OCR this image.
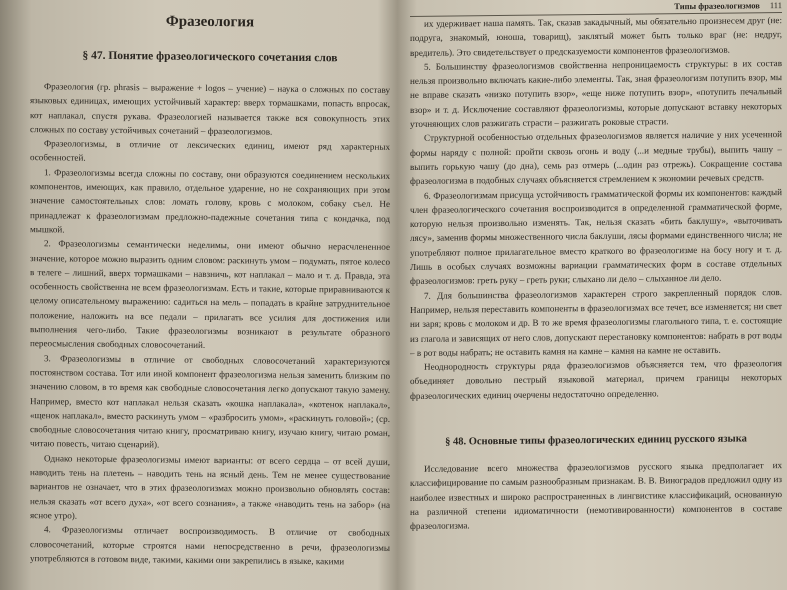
Фразеология
§ 47. Понятие фразеологического сочетания слов

Фразеология (гр. phrasis – выражение + logos – учение) – наука о сложных по составу языковых единицах, имеющих устойчивый характер: вверх тормашками, попасть впросак, кот наплакал, спустя рукава. Фразеологией называется также вся совокупность этих сложных по составу устойчивых сочетаний – фразеологизмов.

Фразеологизмы, в отличие от лексических единиц, имеют ряд характерных особенностей.

1. Фразеологизмы всегда сложны по составу, они образуются соединением нескольких компонентов, имеющих, как правило, отдельное ударение, но не сохраняющих при этом значение самостоятельных слов: ломать голову, кровь с молоком, собаку съел. Не принадлежат к фразеологизмам предложно-падежные сочетания типа с кондачка, под мышкой.

2. Фразеологизмы семантически неделимы, они имеют обычно нерасчлененное значение, которое можно выразить одним словом: раскинуть умом – подумать, пятое колесо в телеге – лишний, вверх тормашками – навзничь, кот наплакал – мало и т. д. Правда, эта особенность свойственна не всем фразеологизмам. Есть и такие, которые приравниваются к целому описательному выражению: садиться на мель – попадать в крайне затруднительное положение, наложить на все педали – прилагать все усилия для достижения или выполнения чего-либо. Такие фразеологизмы возникают в результате образного переосмысления свободных словосочетаний.

3. Фразеологизмы в отличие от свободных словосочетаний характеризуются постоянством состава. Тот или иной компонент фразеологизма нельзя заменить близким по значению словом, в то время как свободные словосочетания легко допускают такую замену. Например, вместо кот наплакал нельзя сказать «кошка наплакала», «котенок наплакал», «щенок наплакал», вместо раскинуть умом – «разбросить умом», «раскинуть головой»; (ср. свободные словосочетания читаю книгу, просматриваю книгу, изучаю книгу, читаю роман, читаю повесть, читаю сценарий).

Однако некоторые фразеологизмы имеют варианты: от всего сердца – от всей души, наводить тень на плетень – наводить тень на ясный день. Тем не менее существование вариантов не означает, что в этих фразеологизмах можно произвольно обновлять состав: нельзя сказать «от всего духа», «от всего сознания», а также «наводить тень на забор» (на ясное утро).

4. Фразеологизмы отличает воспроизводимость. В отличие от свободных словосочетаний, которые строятся нами непосредственно в речи, фразеологизмы употребляются в готовом виде, такими, какими они закрепились в языке, какими

Типы фразеологизмов 111

их удерживает наша память. Так, сказав закадычный, мы обязательно произнесем друг (не: подруга, знакомый, юноша, товарищ), заклятый может быть только враг (не: недруг, вредитель). Это свидетельствует о предсказуемости компонентов фразеологизмов.

5. Большинству фразеологизмов свойственна непроницаемость структуры: в их состав нельзя произвольно включать какие-либо элементы. Так, зная фразеологизм потупить взор, мы не вправе сказать «низко потупить взор», «еще ниже потупить взор», «потупить печальный взор» и т. д. Исключение составляют фразеологизмы, которые допускают вставку некоторых уточняющих слов разжигать страсти – разжигать роковые страсти.

Структурной особенностью отдельных фразеологизмов является наличие у них усеченной формы наряду с полной: пройти сквозь огонь и воду (...и медные трубы), выпить чашу – выпить горькую чашу (до дна), семь раз отмерь (...один раз отрежь). Сокращение состава фразеологизма в подобных случаях объясняется стремлением к экономии речевых средств.

6. Фразеологизмам присуща устойчивость грамматической формы их компонентов: каждый член фразеологического сочетания воспроизводится в определенной грамматической форме, которую нельзя произвольно изменять. Так, нельзя сказать «бить баклушу», «выточивать лясу», заменив формы множественного числа баклуши, лясы формами единственного числа; не употребляют полное прилагательное вместо краткого во фразеологизме на босу ногу и т. д. Лишь в особых случаях возможны вариации грамматических форм в составе отдельных фразеологизмов: греть руку – греть руки; слыхано ли дело – слыханное ли дело.

7. Для большинства фразеологизмов характерен строго закрепленный порядок слов. Например, нельзя переставить компоненты в фразеологизмах все течет, все изменяется; ни свет ни заря; кровь с молоком и др. В то же время фразеологизмы глагольного типа, т. е. состоящие из глагола и зависящих от него слов, допускают перестановку компонентов: набрать в рот воды – в рот воды набрать; не оставить камня на камне – камня на камне не оставить.

Неоднородность структуры ряда фразеологизмов объясняется тем, что фразеология объединяет довольно пестрый языковой материал, причем границы некоторых фразеологических единиц очерчены недостаточно определенно.

§ 48. Основные типы фразеологических единиц русского языка

Исследование всего множества фразеологизмов русского языка предполагает их классифицирование по самым разнообразным признакам. В. В. Виноградов предложил одну из наиболее известных и широко распространенных в лингвистике классификаций, основанную на различной степени идиоматичности (немотивированности) компонентов в составе фразеологизма.
